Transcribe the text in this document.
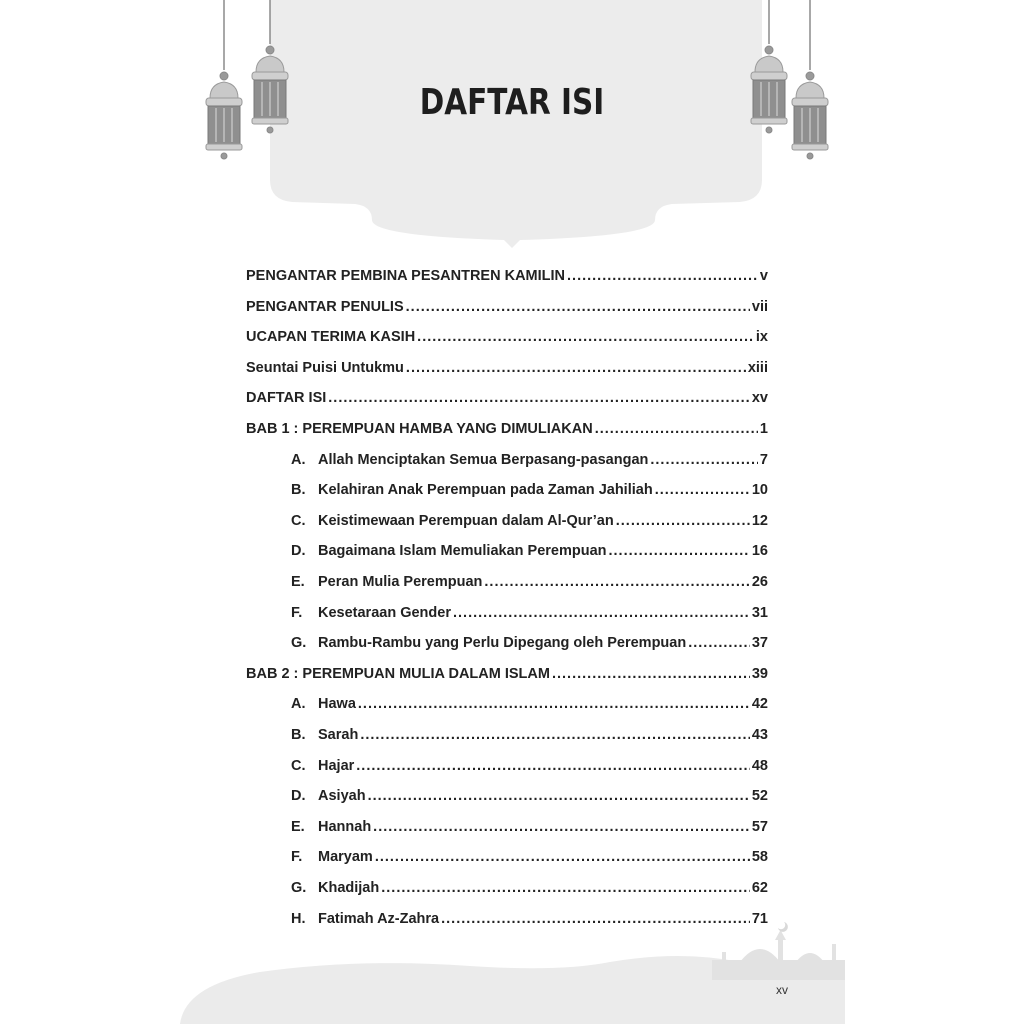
DAFTAR ISI
PENGANTAR PEMBINA PESANTREN KAMILIN .....	v
PENGANTAR PENULIS .....	vii
UCAPAN TERIMA KASIH .....	ix
Seuntai Puisi Untukmu .....	xiii
DAFTAR ISI .....	xv
BAB 1 : PEREMPUAN HAMBA YANG DIMULIAKAN .....	1
A. Allah Menciptakan Semua Berpasang-pasangan .....	7
B. Kelahiran Anak Perempuan pada Zaman Jahiliah .....	10
C. Keistimewaan Perempuan dalam Al-Qur’an .....	12
D. Bagaimana Islam Memuliakan Perempuan .....	16
E. Peran Mulia Perempuan .....	26
F.	Kesetaraan Gender .....	31
G. Rambu-Rambu yang Perlu Dipegang oleh Perempuan .....	37
BAB 2 : PEREMPUAN MULIA DALAM ISLAM .....	39
A. Hawa .....	42
B. Sarah .....	43
C. Hajar .....	48
D. Asiyah .....	52
E. Hannah .....	57
F.	Maryam .....	58
G. Khadijah .....	62
H. Fatimah Az-Zahra .....	71
xv
